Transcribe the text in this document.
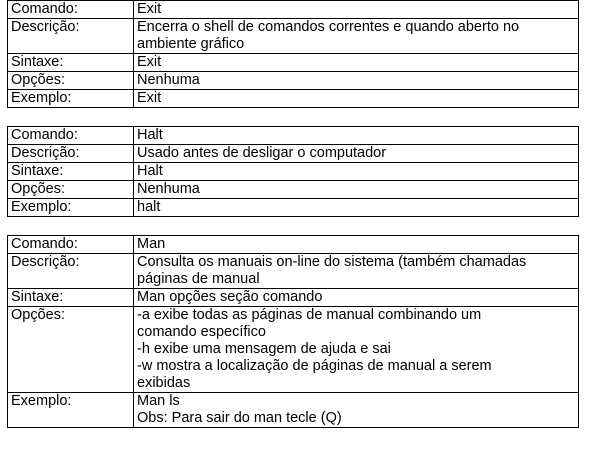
Comando:	Exit

Descrição:	Encerra o shell de comandos correntes e quando aberto no
ambiente gráfico

Sintaxe:	Exit

Opções:	Nenhuma

Exemplo:	Exit
Comando:	Halt

Descrição:	Usado antes de desligar o computador

Sintaxe:	Halt

Opções:	Nenhuma

Exemplo:	halt
Comando:	Man

Descrição:	Consulta os manuais on-line do sistema (também chamadas
páginas de manual

Sintaxe:	Man opções seção comando

Opções:	-a exibe todas as páginas de manual combinando um
comando específico
-h exibe uma mensagem de ajuda e sai
-w mostra a localização de páginas de manual a serem
exibidas

Exemplo:	Man ls
Obs: Para sair do man tecle (Q)
